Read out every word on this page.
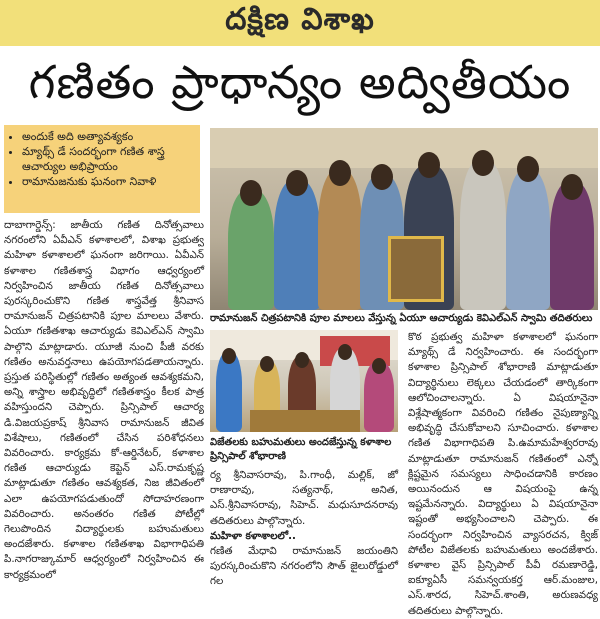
దక్షిణ విశాఖ
గణితం ప్రాధాన్యం అద్వితీయం
• అందుకే అది అత్యావశ్యకం
• మ్యాథ్స్ డే సందర్భంగా గణిత శాస్త్ర ఆచార్యుల అభిప్రాయం
• రామానుజనుకు ఘనంగా నివాళి
రామానుజన్ చిత్రపటానికి పూల మాలలు వేస్తున్న ఏయూ ఆచార్యుడు కెవిఎల్ఎన్ స్వామి తదితరులు
విజేతలకు బహుమతులు అందజేస్తున్న కళాశాల ప్రిన్సిపాల్ శోభారాణి

దాబాగార్డెన్స్: జాతీయ గణిత దినోత్సవాలు నగరంలోని ఏవీఎన్ కళాశాలలో, విశాఖ ప్రభుత్వ మహిళా కళాశాలలో ఘనంగా జరిగాయి. ఏవీఎన్ కళాశాల గణితశాస్త్ర విభాగం ఆధ్వర్యంలో నిర్వహించిన జాతీయ గణిత దినోత్సవాలు పురస్కరించుకొని గణిత శాస్త్రవేత్త శ్రీనివాస రామానుజన్ చిత్రపటానికి పూల మాలలు వేశారు. ఏయూ గణితశాఖ ఆచార్యుడు కెవిఎల్ఎన్ స్వామి పాల్గొని మాట్లాడారు. యూజీ నుంచి పీజీ వరకు గణితం అనువర్తనాలు ఉపయోగపడతాయన్నారు. ప్రస్తుత పరిస్థితుల్లో గణితం అత్యంత ఆవశ్యకమని, అన్ని శాస్త్రాల అభివృద్ధిలో గణితశాస్త్రం కీలక పాత్ర వహిస్తుందని చెప్పారు. ప్రిన్సిపాల్ ఆచార్య డి.విజయప్రకాష్ శ్రీనివాస రామానుజన్ జీవిత విశేషాలు, గణితంలో చేసిన పరిశోధనలు వివరించారు. కార్యక్రమ కో-ఆర్డినేటర్, కళాశాల గణిత ఆచార్యుడు కెప్టెన్ ఎస్.రామకృష్ణ మాట్లాడుతూ గణితం ఆవశ్యకత, నిజ జీవితంలో ఎలా ఉపయోగపడుతుందో సోదాహరణంగా వివరించారు. అనంతరం గణిత పోటీల్లో గెలుపొందిన విద్యార్థులకు బహుమతులు అందజేశారు. కళాశాల గణితశాఖ విభాగాధిపతి పి.నాగరాజ్కుమార్ ఆధ్వర్యంలో నిర్వహించిన ఈ కార్యక్రమంలో

కొఠ ప్రభుత్వ మహిళా కళాశాలలో ఘనంగా మ్యాథ్స్ డే నిర్వహించారు. ఈ సందర్భంగా కళాశాల ప్రిన్సిపాల్ శోభారాణి మాట్లాడుతూ విద్యార్థినులు లెక్కలు చేయడంలో తార్కికంగా ఆలోచించాలన్నారు. ఏ విషయానైనా విశ్లేషాత్మకంగా వివరించి గణితం నైపుణ్యాన్ని అభివృద్ధి చేసుకోవాలని సూచించారు. కళాశాల గణిత విభాగాధిపతి పి.ఉమామహేశ్వరరావు మాట్లాడుతూ రామానుజన్ గణితంలో ఎన్నో క్లిష్టమైన సమస్యలు సాధించడానికి కారణం అయినందున ఆ విషయంపై ఉన్న ఇష్టమేనన్నారు. విద్యార్థులు ఏ విషయానైనా ఇష్టంతో అభ్యసించాలని చెప్పారు. ఈ సందర్భంగా నిర్వహించిన వ్యాసరచన, క్విజ్ పోటీల విజేతలకు బహుమతులు అందజేశారు. కళాశాల వైస్ ప్రిన్సిపాల్ పీవీ రమణారెడ్డి, ఐక్యూఏసీ సమన్వయకర్త ఆర్.మంజుల, ఎస్.శారద, సిహెచ్.శాంతి, అరుణవధ్య తదితరులు పాల్గొన్నారు.

ర్య శ్రీనివాసరావు, పి.గాంధీ, మల్లిక్, జో రాణారావు, సత్యనాథ్, అనిత, ఎస్.శ్రీనివాసరావు, సిహెచ్. మధుసూదనరావు తదితరులు పాల్గొన్నారు.

మహిళా కళాశాలలో..

గణిత మేధావి రామానుజన్ జయంతిని పురస్కరించుకొని నగరంలోని సౌత్ జైలురోడ్డులో గల
